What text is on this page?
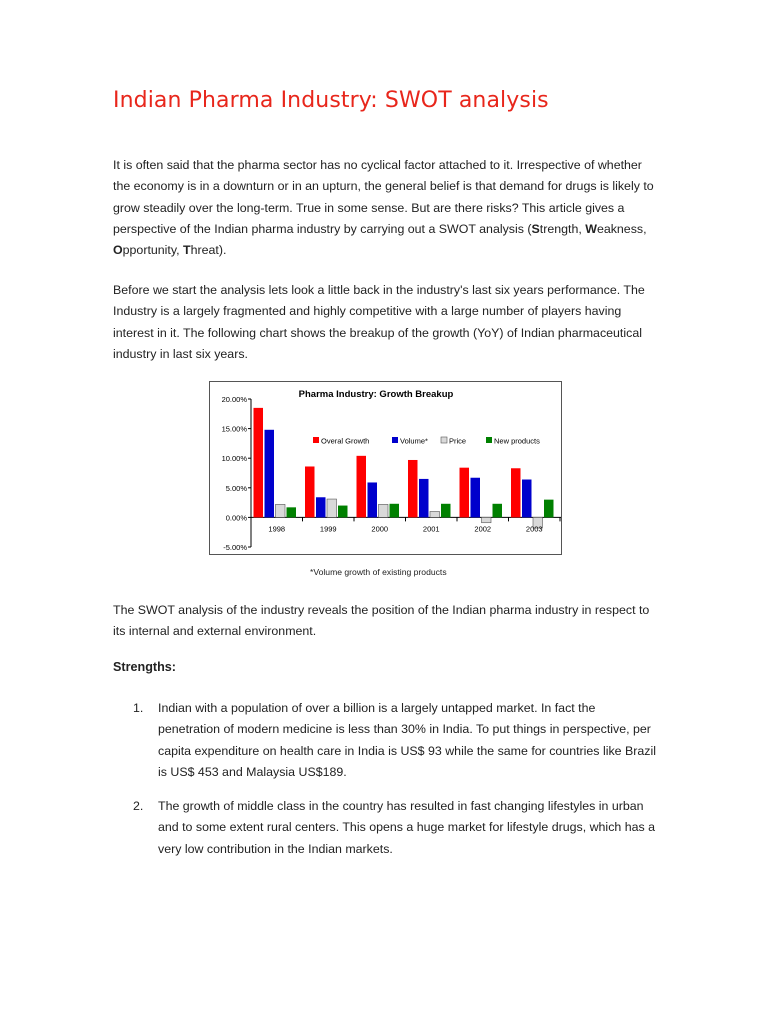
Indian Pharma Industry: SWOT analysis

It is often said that the pharma sector has no cyclical factor attached to it. Irrespective of whether the economy is in a downturn or in an upturn, the general belief is that demand for drugs is likely to grow steadily over the long-term. True in some sense. But are there risks? This article gives a perspective of the Indian pharma industry by carrying out a SWOT analysis (Strength, Weakness, Opportunity, Threat).

Before we start the analysis lets look a little back in the industry's last six years performance. The Industry is a largely fragmented and highly competitive with a large number of players having interest in it. The following chart shows the breakup of the growth (YoY) of Indian pharmaceutical industry in last six years.

Pharma Industry: Growth Breakup
20.00%
15.00%
10.00%
5.00%
0.00%
-5.00%
1998	1999	2000	2001	2002	2003
Overal Growth	Volume*	Price	New products
*Volume growth of existing products

The SWOT analysis of the industry reveals the position of the Indian pharma industry in respect to its internal and external environment.

Strengths:
1. Indian with a population of over a billion is a largely untapped market. In fact the penetration of modern medicine is less than 30% in India. To put things in perspective, per capita expenditure on health care in India is US$ 93 while the same for countries like Brazil is US$ 453 and Malaysia US$189.

2. The growth of middle class in the country has resulted in fast changing lifestyles in urban and to some extent rural centers. This opens a huge market for lifestyle drugs, which has a very low contribution in the Indian markets.
